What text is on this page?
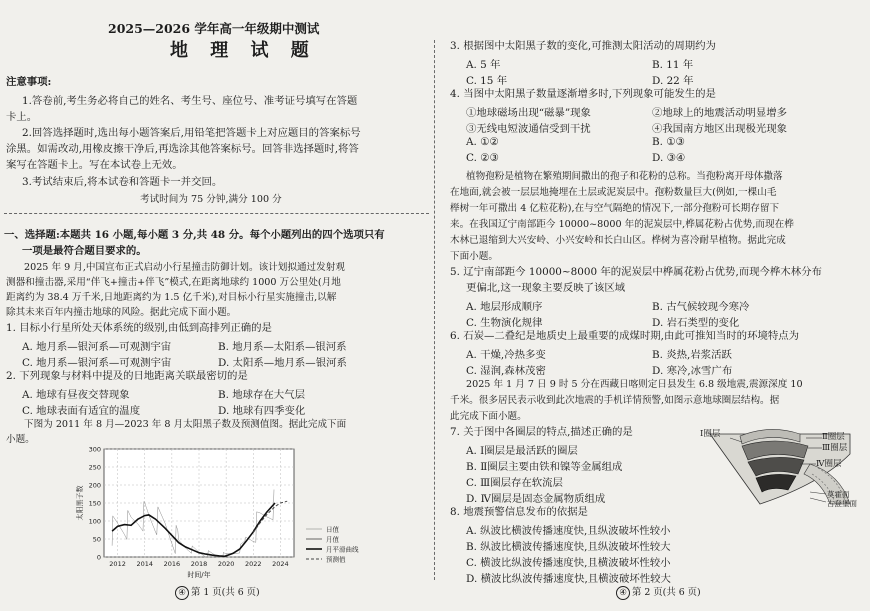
2025—2026 学年高一年级期中测试
地 理 试 题
注意事项:
1.答卷前,考生务必将自己的姓名、考生号、座位号、准考证号填写在答题
卡上。
2.回答选择题时,选出每小题答案后,用铅笔把答题卡上对应题目的答案标号
涂黑。如需改动,用橡皮擦干净后,再选涂其他答案标号。回答非选择题时,将答
案写在答题卡上。写在本试卷上无效。
3.考试结束后,将本试卷和答题卡一并交回。
考试时间为 75 分钟,满分 100 分
一、选择题:本题共 16 小题,每小题 3 分,共 48 分。每个小题列出的四个选项只有
一项是最符合题目要求的。
2025 年 9 月,中国宣布正式启动小行星撞击防御计划。该计划拟通过发射观
测器和撞击器,采用“伴飞+撞击+伴飞”模式,在距离地球约 1000 万公里处(月地
距离约为 38.4 万千米,日地距离约为 1.5 亿千米),对目标小行星实施撞击,以解
除其未来百年内撞击地球的风险。据此完成下面小题。
1. 目标小行星所处天体系统的级别,由低到高排列正确的是
A. 地月系—银河系—可观测宇宙	B. 地月系—太阳系—银河系
C. 地月系—银河系—可观测宇宙	D. 太阳系—地月系—银河系
2. 下列现象与材料中提及的日地距离关联最密切的是
A. 地球有昼夜交替现象	B. 地球存在大气层
C. 地球表面有适宜的温度	D. 地球有四季变化
下图为 2011 年 8 月—2023 年 8 月太阳黑子数及预测值图。据此完成下面
小题。
0
50
100
150
200
250
300
2012 2014 2016 2018 2020 2022 2024
时间/年
太阳黑子数
日值
月值
月平滑曲线
预测值
④ 第 1 页(共 6 页)
3. 根据图中太阳黑子数的变化,可推测太阳活动的周期约为
A. 5 年	B. 11 年
C. 15 年	D. 22 年
4. 当图中太阳黑子数量逐渐增多时,下列现象可能发生的是
①地球磁场出现“磁暴”现象	②地球上的地震活动明显增多
③无线电短波通信受到干扰	④我国南方地区出现极光现象
A. ①②	B. ①③
C. ②③	D. ③④
植物孢粉是植物在繁殖期间撒出的孢子和花粉的总称。当孢粉离开母体撒落
在地面,就会被一层层地掩埋在土层或泥炭层中。孢粉数量巨大(例如,一棵山毛
榉树一年可撒出 4 亿粒花粉),在与空气隔绝的情况下,一部分孢粉可长期存留下
来。在我国辽宁南部距今 10000~8000 年的泥炭层中,桦属花粉占优势,而现在桦
木林已退缩到大兴安岭、小兴安岭和长白山区。桦树为喜冷耐旱植物。据此完成
下面小题。
5. 辽宁南部距今 10000~8000 年的泥炭层中桦属花粉占优势,而现今桦木林分布
更偏北,这一现象主要反映了该区域
A. 地层形成顺序	B. 古气候较现今寒冷
C. 生物演化规律	D. 岩石类型的变化
6. 石炭—二叠纪是地质史上最重要的成煤时期,由此可推知当时的环境特点为
A. 干燥,冷热多变	B. 炎热,岩浆活跃
C. 湿润,森林茂密	D. 寒冷,冰雪广布
2025 年 1 月 7 日 9 时 5 分在西藏日喀则定日县发生 6.8 级地震,震源深度 10
千米。很多居民表示收到此次地震的手机详情预警,如图示意地球圈层结构。据
此完成下面小题。
7. 关于图中各圈层的特点,描述正确的是
A. Ⅰ圈层是最活跃的圈层
B. Ⅱ圈层主要由铁和镍等金属组成
C. Ⅲ圈层存在软流层
D. Ⅳ圈层是固态金属物质组成
8. 地震预警信息发布的依据是
A. 纵波比横波传播速度快,且纵波破坏性较小
B. 纵波比横波传播速度快,且纵波破坏性较大
C. 横波比纵波传播速度快,且横波破坏性较小
D. 横波比纵波传播速度快,且横波破坏性较大
Ⅰ圈层	Ⅱ圈层
Ⅲ圈层
Ⅳ圈层
莫霍面
古登堡面
④ 第 2 页(共 6 页)
